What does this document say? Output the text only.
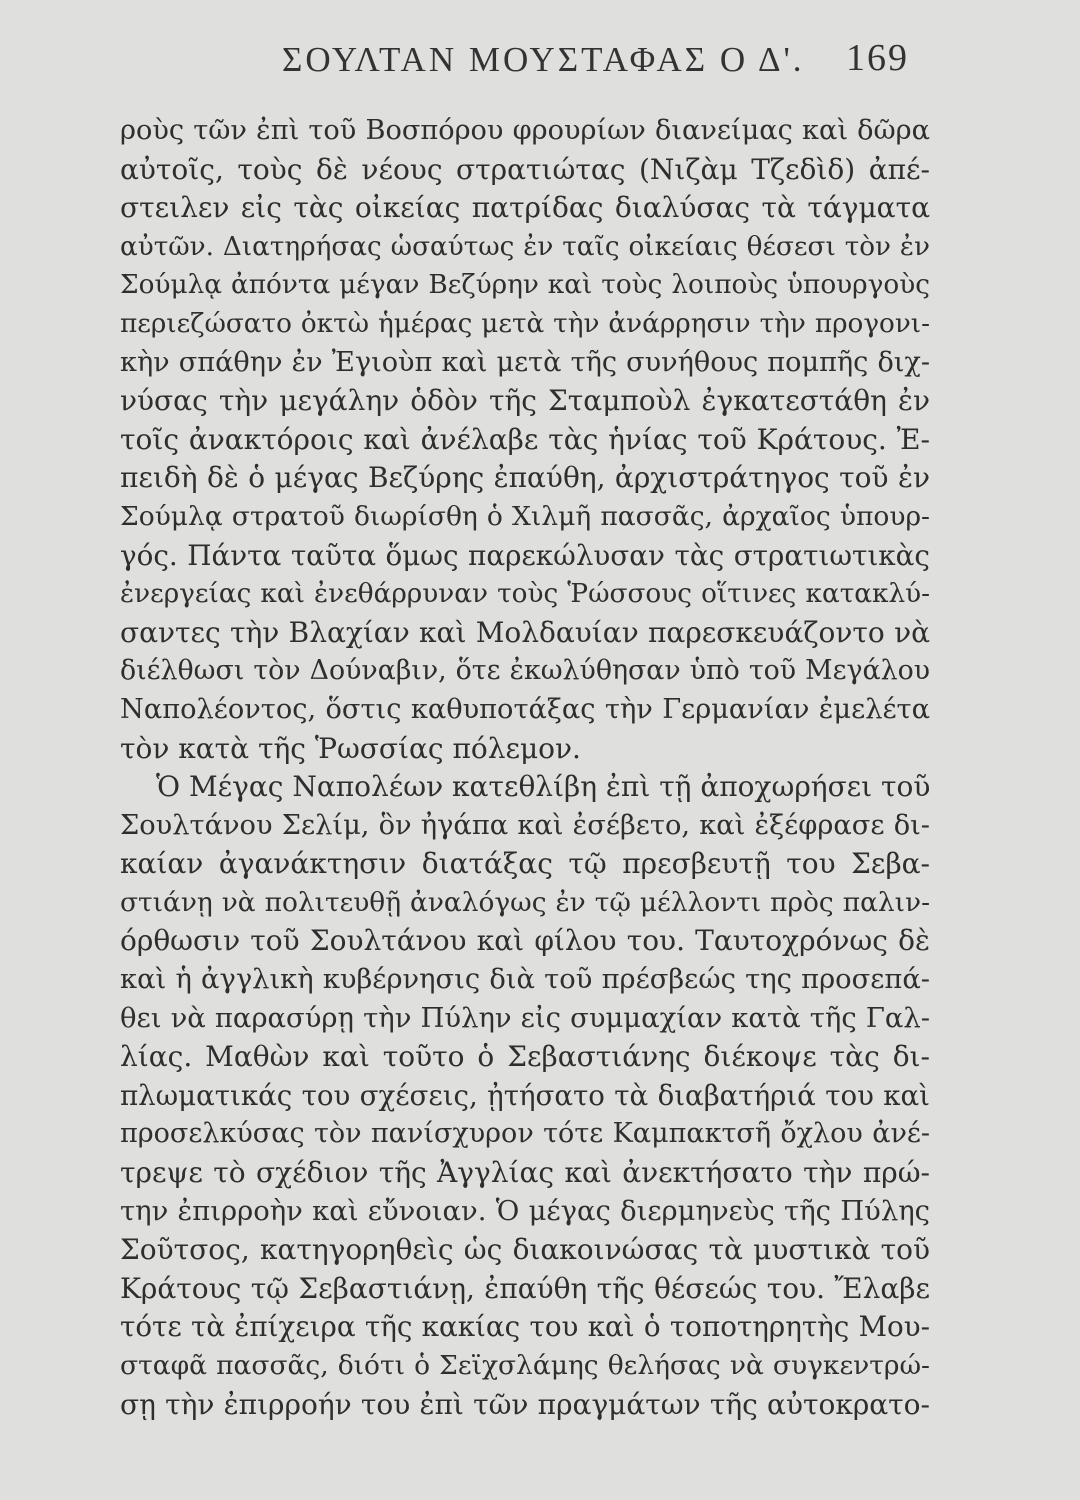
ΣΟΥΛΤΑΝ ΜΟΥΣΤΑΦΑΣ Ο Δ'. 169
ροὺς τῶν ἐπὶ τοῦ Βοσπόρου φρουρίων διανείμας καὶ δῶρα
αὐτοῖς, τοὺς δὲ νέους στρατιώτας (Νιζὰμ Τζεδὶδ) ἀπέ-
στειλεν εἰς τὰς οἰκείας πατρίδας διαλύσας τὰ τάγματα
αὐτῶν. Διατηρήσας ὡσαύτως ἐν ταῖς οἰκείαις θέσεσι τὸν ἐν
Σούμλᾳ ἀπόντα μέγαν Βεζύρην καὶ τοὺς λοιποὺς ὑπουργοὺς
περιεζώσατο ὀκτὼ ἡμέρας μετὰ τὴν ἀνάρρησιν τὴν προγονι-
κὴν σπάθην ἐν Ἐγιοὺπ καὶ μετὰ τῆς συνήθους πομπῆς διχ-
νύσας τὴν μεγάλην ὁδὸν τῆς Σταμποὺλ ἐγκατεστάθη ἐν
τοῖς ἀνακτόροις καὶ ἀνέλαβε τὰς ἡνίας τοῦ Κράτους. Ἐ-
πειδὴ δὲ ὁ μέγας Βεζύρης ἐπαύθη, ἀρχιστράτηγος τοῦ ἐν
Σούμλᾳ στρατοῦ διωρίσθη ὁ Χιλμῆ πασσᾶς, ἀρχαῖος ὑπουρ-
γός. Πάντα ταῦτα ὅμως παρεκώλυσαν τὰς στρατιωτικὰς
ἐνεργείας καὶ ἐνεθάρρυναν τοὺς Ῥώσσους οἵτινες κατακλύ-
σαντες τὴν Βλαχίαν καὶ Μολδαυίαν παρεσκευάζοντο νὰ
διέλθωσι τὸν Δούναβιν, ὅτε ἐκωλύθησαν ὑπὸ τοῦ Μεγάλου
Ναπολέοντος, ὅστις καθυποτάξας τὴν Γερμανίαν ἐμελέτα
τὸν κατὰ τῆς Ῥωσσίας πόλεμον.
Ὁ Μέγας Ναπολέων κατεθλίβη ἐπὶ τῇ ἀποχωρήσει τοῦ
Σουλτάνου Σελίμ, ὃν ἠγάπα καὶ ἐσέβετο, καὶ ἐξέφρασε δι-
καίαν ἀγανάκτησιν διατάξας τῷ πρεσβευτῇ του Σεβα-
στιάνῃ νὰ πολιτευθῇ ἀναλόγως ἐν τῷ μέλλοντι πρὸς παλιν-
όρθωσιν τοῦ Σουλτάνου καὶ φίλου του. Ταυτοχρόνως δὲ
καὶ ἡ ἀγγλικὴ κυβέρνησις διὰ τοῦ πρέσβεώς της προσεπά-
θει νὰ παρασύρῃ τὴν Πύλην εἰς συμμαχίαν κατὰ τῆς Γαλ-
λίας. Μαθὼν καὶ τοῦτο ὁ Σεβαστιάνης διέκοψε τὰς δι-
πλωματικάς του σχέσεις, ᾐτήσατο τὰ διαβατήριά του καὶ
προσελκύσας τὸν πανίσχυρον τότε Καμπακτσῆ ὄχλου ἀνέ-
τρεψε τὸ σχέδιον τῆς Ἀγγλίας καὶ ἀνεκτήσατο τὴν πρώ-
την ἐπιρροὴν καὶ εὔνοιαν. Ὁ μέγας διερμηνεὺς τῆς Πύλης
Σοῦτσος, κατηγορηθεὶς ὡς διακοινώσας τὰ μυστικὰ τοῦ
Κράτους τῷ Σεβαστιάνῃ, ἐπαύθη τῆς θέσεώς του. Ἔλαβε
τότε τὰ ἐπίχειρα τῆς κακίας του καὶ ὁ τοποτηρητὴς Μου-
σταφᾶ πασσᾶς, διότι ὁ Σεϊχσλάμης θελήσας νὰ συγκεντρώ-
σῃ τὴν ἐπιρροήν του ἐπὶ τῶν πραγμάτων τῆς αὐτοκρατο-
